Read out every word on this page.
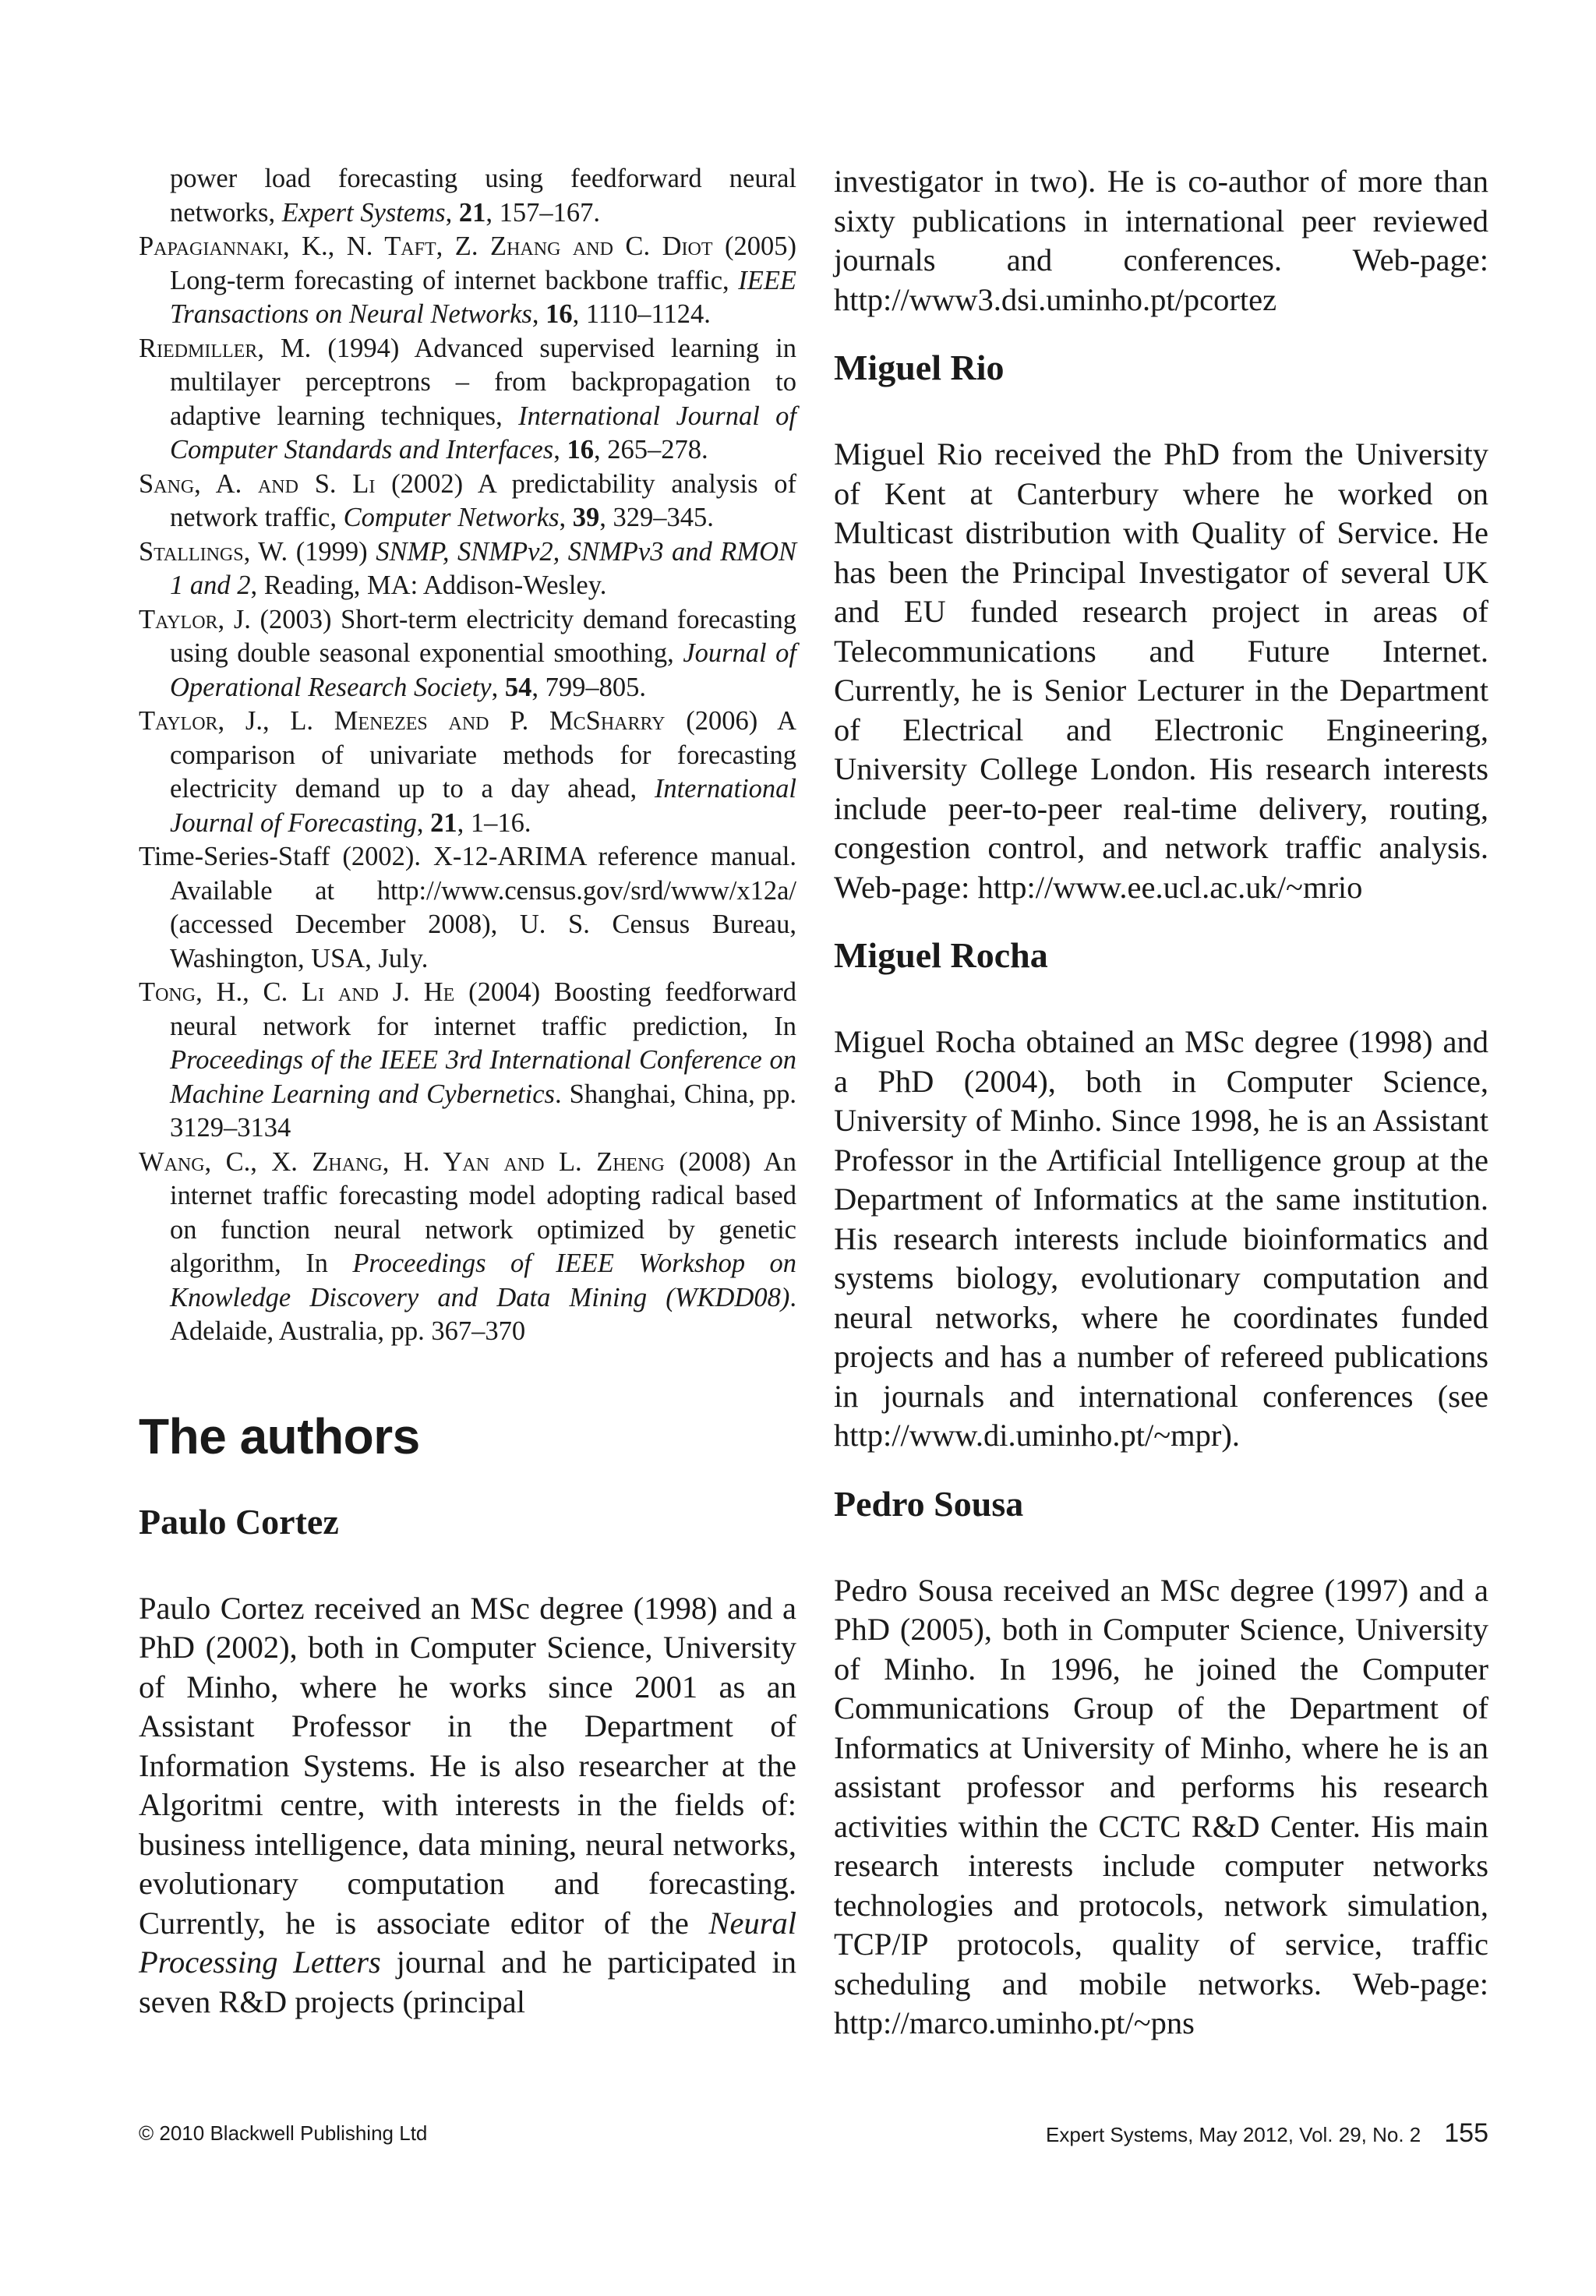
power load forecasting using feedforward neural networks, Expert Systems, 21, 157–167.

Papagiannaki, K., N. Taft, Z. Zhang and C. Diot (2005) Long-term forecasting of internet backbone traffic, IEEE Transactions on Neural Networks, 16, 1110–1124.

Riedmiller, M. (1994) Advanced supervised learning in multilayer perceptrons – from backpropagation to adaptive learning techniques, International Journal of Computer Standards and Interfaces, 16, 265–278.

Sang, A. and S. Li (2002) A predictability analysis of network traffic, Computer Networks, 39, 329–345.

Stallings, W. (1999) SNMP, SNMPv2, SNMPv3 and RMON 1 and 2, Reading, MA: Addison-Wesley.

Taylor, J. (2003) Short-term electricity demand forecasting using double seasonal exponential smoothing, Journal of Operational Research Society, 54, 799–805.

Taylor, J., L. Menezes and P. McSharry (2006) A comparison of univariate methods for forecasting electricity demand up to a day ahead, International Journal of Forecasting, 21, 1–16.

Time-Series-Staff (2002). X-12-ARIMA reference manual. Available at http://www.census.gov/srd/www/x12a/ (accessed December 2008), U. S. Census Bureau, Washington, USA, July.

Tong, H., C. Li and J. He (2004) Boosting feedforward neural network for internet traffic prediction, In Proceedings of the IEEE 3rd International Conference on Machine Learning and Cybernetics. Shanghai, China, pp. 3129–3134

Wang, C., X. Zhang, H. Yan and L. Zheng (2008) An internet traffic forecasting model adopting radical based on function neural network optimized by genetic algorithm, In Proceedings of IEEE Workshop on Knowledge Discovery and Data Mining (WKDD08). Adelaide, Australia, pp. 367–370

The authors
Paulo Cortez

Paulo Cortez received an MSc degree (1998) and a PhD (2002), both in Computer Science, University of Minho, where he works since 2001 as an Assistant Professor in the Department of Information Systems. He is also researcher at the Algoritmi centre, with interests in the fields of: business intelligence, data mining, neural networks, evolutionary computation and forecasting. Currently, he is associate editor of the Neural Processing Letters journal and he participated in seven R&D projects (principal

investigator in two). He is co-author of more than sixty publications in international peer reviewed journals and conferences. Web-page: http://www3.dsi.uminho.pt/pcortez

Miguel Rio

Miguel Rio received the PhD from the University of Kent at Canterbury where he worked on Multicast distribution with Quality of Service. He has been the Principal Investigator of several UK and EU funded research project in areas of Telecommunications and Future Internet. Currently, he is Senior Lecturer in the Department of Electrical and Electronic Engineering, University College London. His research interests include peer-to-peer real-time delivery, routing, congestion control, and network traffic analysis. Web-page: http://www.ee.ucl.ac.uk/~mrio

Miguel Rocha

Miguel Rocha obtained an MSc degree (1998) and a PhD (2004), both in Computer Science, University of Minho. Since 1998, he is an Assistant Professor in the Artificial Intelligence group at the Department of Informatics at the same institution. His research interests include bioinformatics and systems biology, evolutionary computation and neural networks, where he coordinates funded projects and has a number of refereed publications in journals and international conferences (see http://www.di.uminho.pt/~mpr).

Pedro Sousa

Pedro Sousa received an MSc degree (1997) and a PhD (2005), both in Computer Science, University of Minho. In 1996, he joined the Computer Communications Group of the Department of Informatics at University of Minho, where he is an assistant professor and performs his research activities within the CCTC R&D Center. His main research interests include computer networks technologies and protocols, network simulation, TCP/IP protocols, quality of service, traffic scheduling and mobile networks. Web-page: http://marco.uminho.pt/~pns

© 2010 Blackwell Publishing Ltd	Expert Systems, May 2012, Vol. 29, No. 2 155
